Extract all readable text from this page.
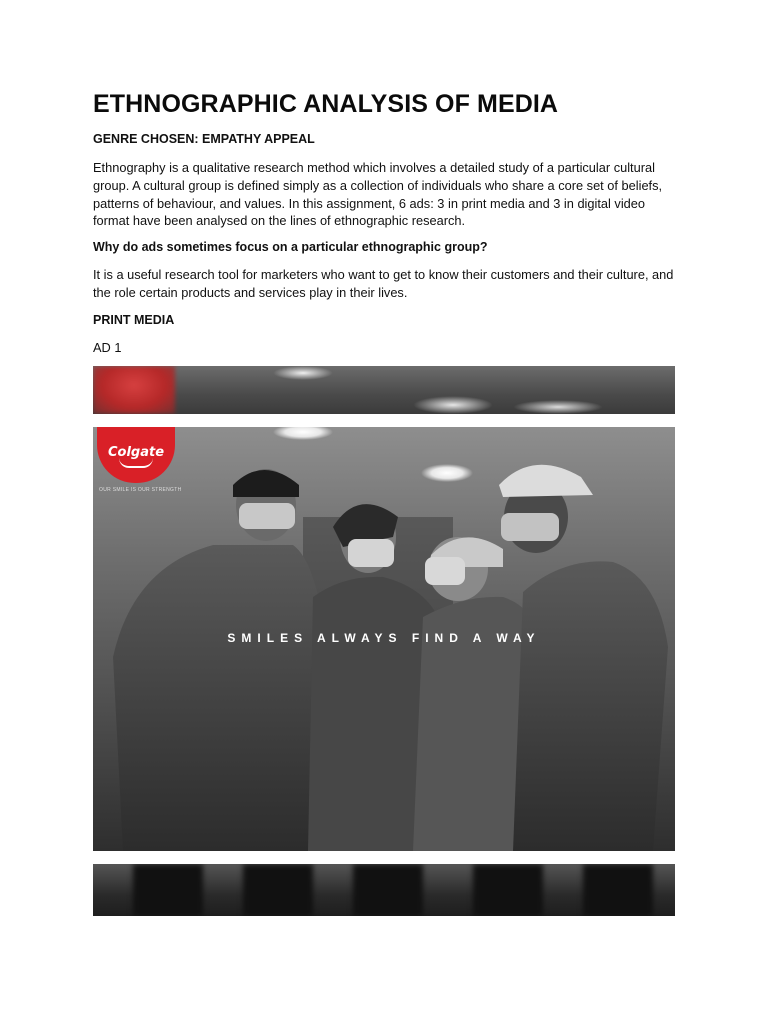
ETHNOGRAPHIC ANALYSIS OF MEDIA
GENRE CHOSEN: EMPATHY APPEAL

Ethnography is a qualitative research method which involves a detailed study of a particular cultural group. A cultural group is defined simply as a collection of individuals who share a core set of beliefs, patterns of behaviour, and values. In this assignment, 6 ads: 3 in print media and 3 in digital video format have been analysed on the lines of ethnographic research.

Why do ads sometimes focus on a particular ethnographic group?

It is a useful research tool for marketers who want to get to know their customers and their culture, and the role certain products and services play in their lives.

PRINT MEDIA
AD 1
Colgate
OUR SMILE IS OUR STRENGTH
SMILES ALWAYS FIND A WAY
